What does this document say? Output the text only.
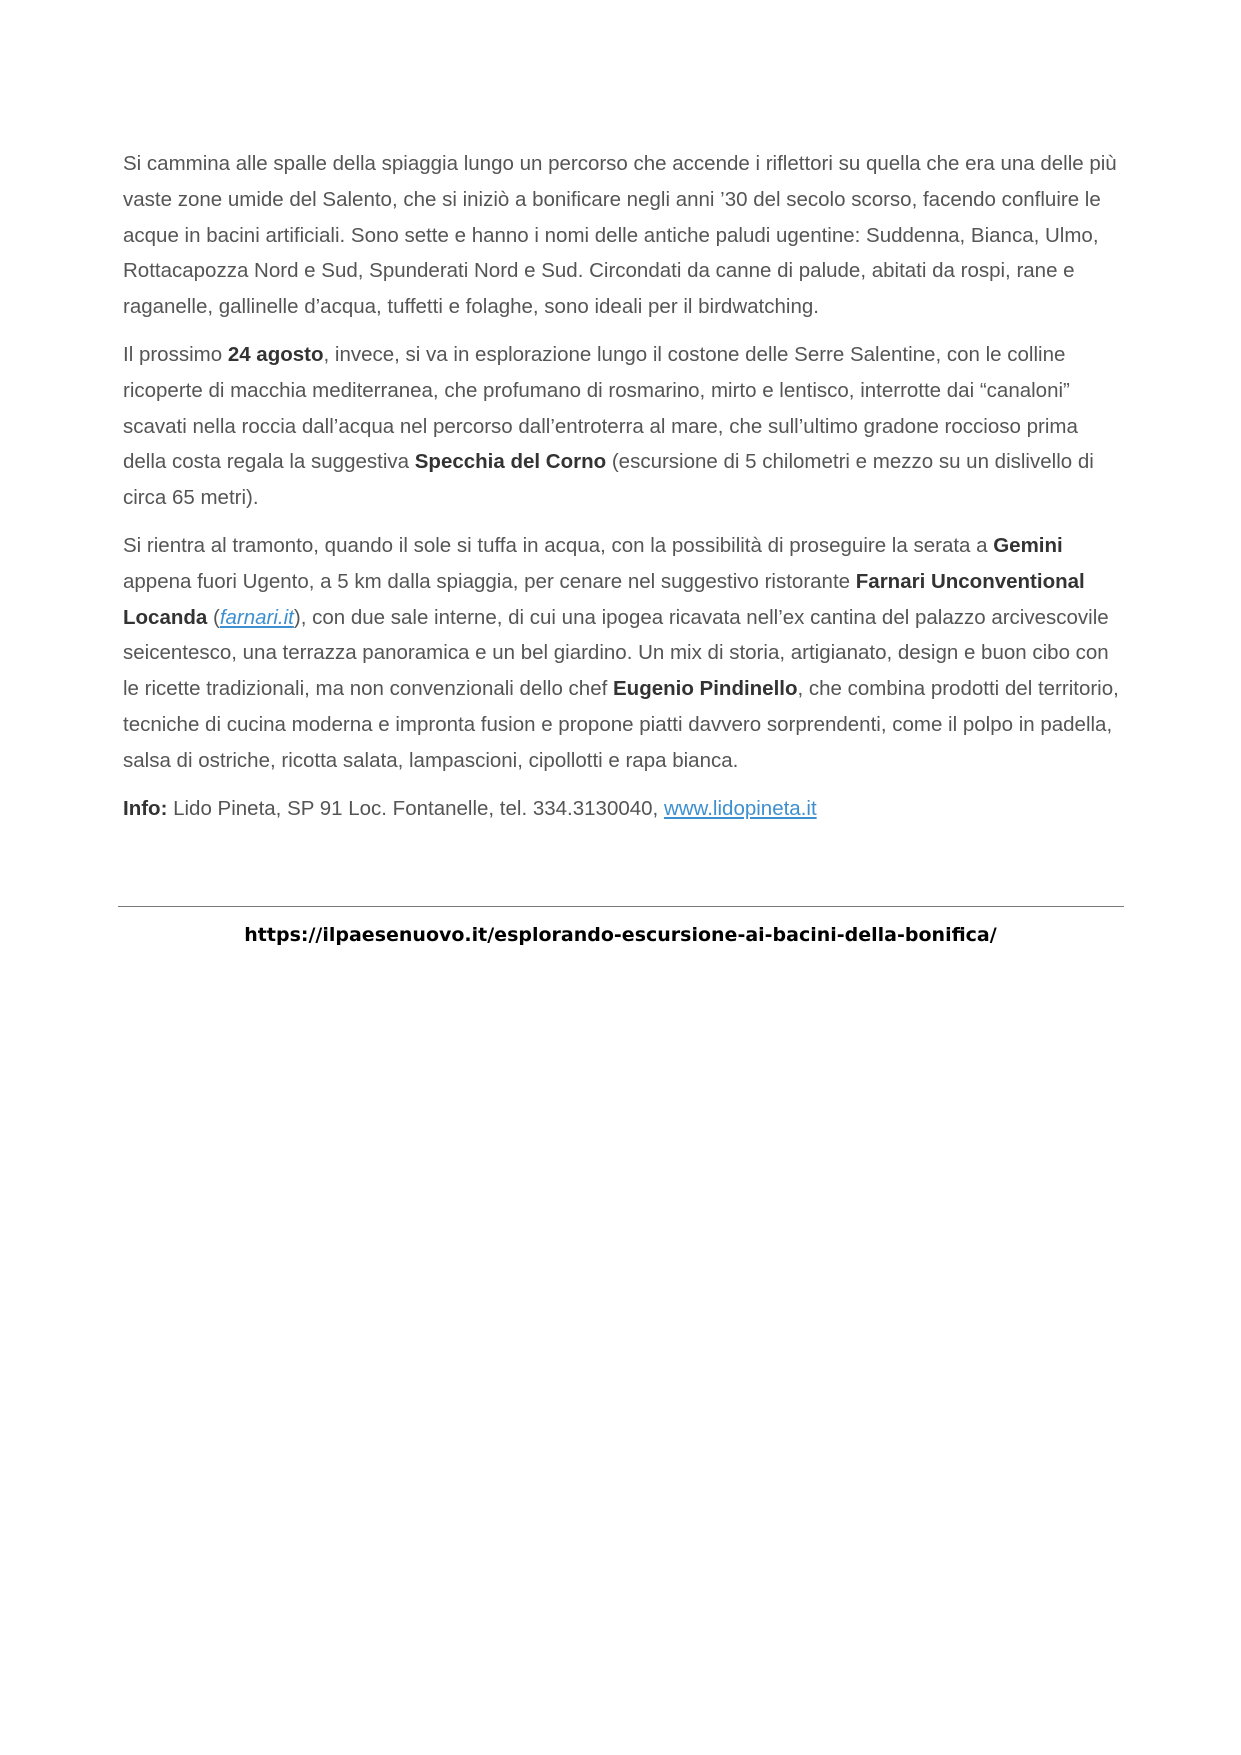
Si cammina alle spalle della spiaggia lungo un percorso che accende i riflettori su quella che era una delle più vaste zone umide del Salento, che si iniziò a bonificare negli anni ’30 del secolo scorso, facendo confluire le acque in bacini artificiali. Sono sette e hanno i nomi delle antiche paludi ugentine: Suddenna, Bianca, Ulmo, Rottacapozza Nord e Sud, Spunderati Nord e Sud. Circondati da canne di palude, abitati da rospi, rane e raganelle, gallinelle d’acqua, tuffetti e folaghe, sono ideali per il birdwatching.

Il prossimo 24 agosto, invece, si va in esplorazione lungo il costone delle Serre Salentine, con le colline ricoperte di macchia mediterranea, che profumano di rosmarino, mirto e lentisco, interrotte dai “canaloni” scavati nella roccia dall’acqua nel percorso dall’entroterra al mare, che sull’ultimo gradone roccioso prima della costa regala la suggestiva Specchia del Corno (escursione di 5 chilometri e mezzo su un dislivello di circa 65 metri).

Si rientra al tramonto, quando il sole si tuffa in acqua, con la possibilità di proseguire la serata a Gemini appena fuori Ugento, a 5 km dalla spiaggia, per cenare nel suggestivo ristorante Farnari Unconventional Locanda (farnari.it), con due sale interne, di cui una ipogea ricavata nell’ex cantina del palazzo arcivescovile seicentesco, una terrazza panoramica e un bel giardino. Un mix di storia, artigianato, design e buon cibo con le ricette tradizionali, ma non convenzionali dello chef Eugenio Pindinello, che combina prodotti del territorio, tecniche di cucina moderna e impronta fusion e propone piatti davvero sorprendenti, come il polpo in padella, salsa di ostriche, ricotta salata, lampascioni, cipollotti e rapa bianca.

Info: Lido Pineta, SP 91 Loc. Fontanelle, tel. 334.3130040, www.lidopineta.it

https://ilpaesenuovo.it/esplorando-escursione-ai-bacini-della-bonifica/
